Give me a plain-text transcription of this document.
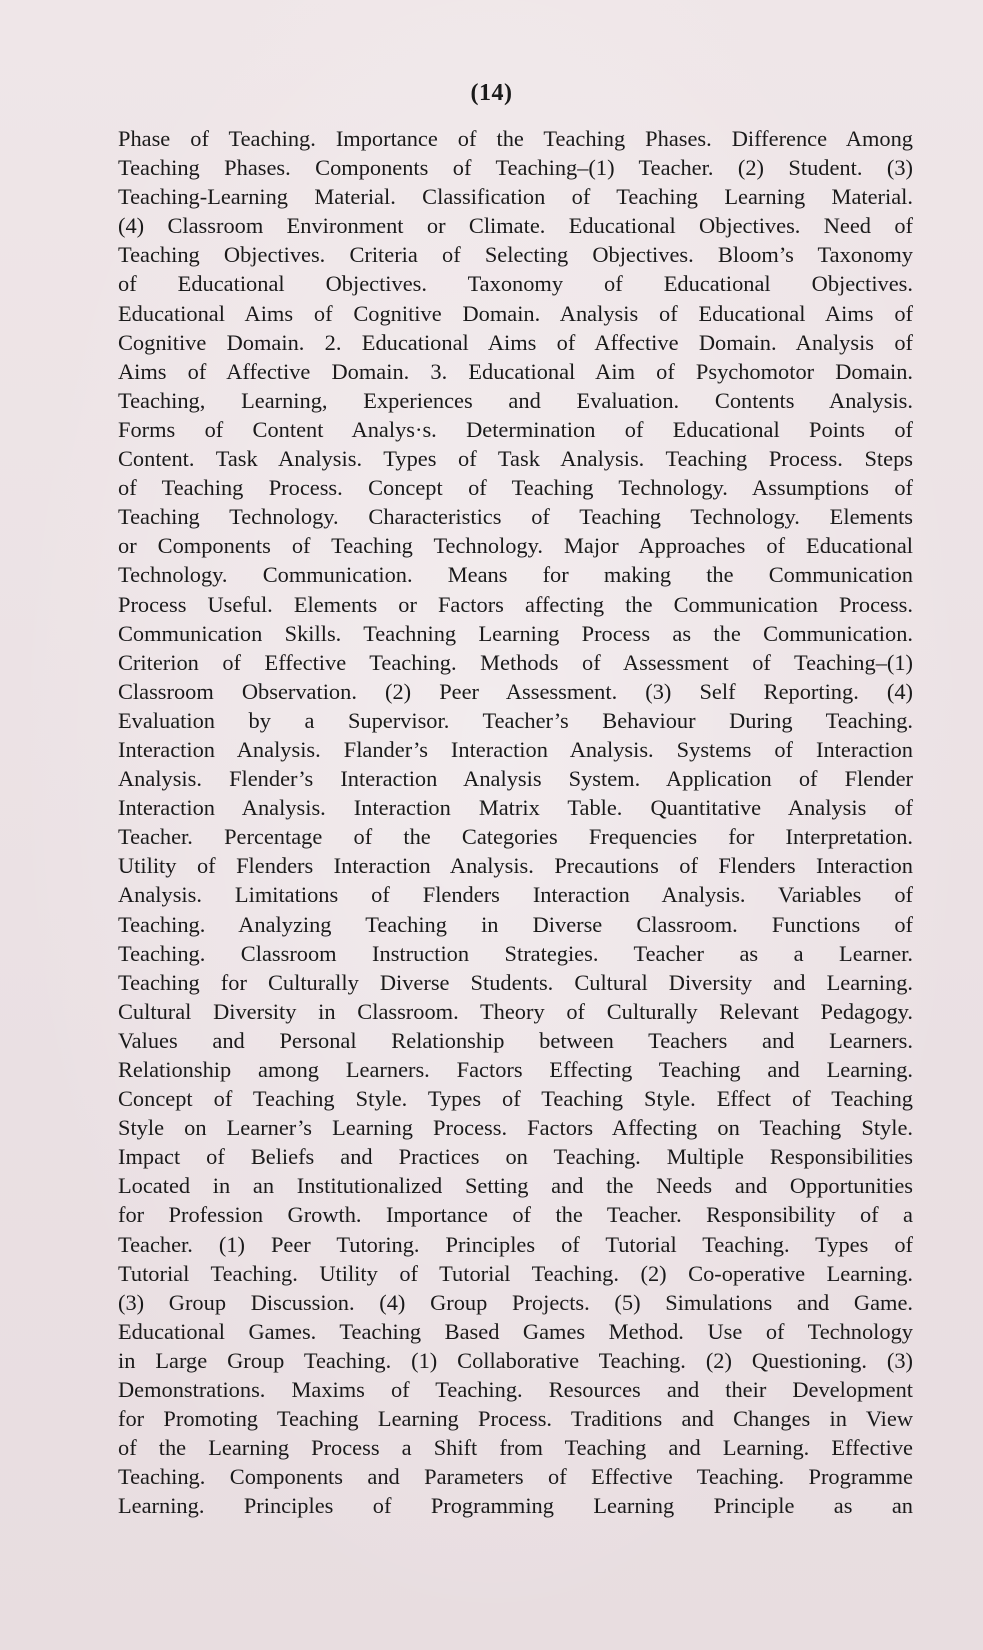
(14)
Phase of Teaching. Importance of the Teaching Phases. Difference Among
Teaching Phases. Components of Teaching–(1) Teacher. (2) Student. (3)
Teaching-Learning Material. Classification of Teaching Learning Material.
(4) Classroom Environment or Climate. Educational Objectives. Need of
Teaching Objectives. Criteria of Selecting Objectives. Bloom’s Taxonomy
of Educational Objectives. Taxonomy of Educational Objectives.
Educational Aims of Cognitive Domain. Analysis of Educational Aims of
Cognitive Domain. 2. Educational Aims of Affective Domain. Analysis of
Aims of Affective Domain. 3. Educational Aim of Psychomotor Domain.
Teaching, Learning, Experiences and Evaluation. Contents Analysis.
Forms of Content Analys·s. Determination of Educational Points of
Content. Task Analysis. Types of Task Analysis. Teaching Process. Steps
of Teaching Process. Concept of Teaching Technology. Assumptions of
Teaching Technology. Characteristics of Teaching Technology. Elements
or Components of Teaching Technology. Major Approaches of Educational
Technology. Communication. Means for making the Communication
Process Useful. Elements or Factors affecting the Communication Process.
Communication Skills. Teachning Learning Process as the Communication.
Criterion of Effective Teaching. Methods of Assessment of Teaching–(1)
Classroom Observation. (2) Peer Assessment. (3) Self Reporting. (4)
Evaluation by a Supervisor. Teacher’s Behaviour During Teaching.
Interaction Analysis. Flander’s Interaction Analysis. Systems of Interaction
Analysis. Flender’s Interaction Analysis System. Application of Flender
Interaction Analysis. Interaction Matrix Table. Quantitative Analysis of
Teacher. Percentage of the Categories Frequencies for Interpretation.
Utility of Flenders Interaction Analysis. Precautions of Flenders Interaction
Analysis. Limitations of Flenders Interaction Analysis. Variables of
Teaching. Analyzing Teaching in Diverse Classroom. Functions of
Teaching. Classroom Instruction Strategies. Teacher as a Learner.
Teaching for Culturally Diverse Students. Cultural Diversity and Learning.
Cultural Diversity in Classroom. Theory of Culturally Relevant Pedagogy.
Values and Personal Relationship between Teachers and Learners.
Relationship among Learners. Factors Effecting Teaching and Learning.
Concept of Teaching Style. Types of Teaching Style. Effect of Teaching
Style on Learner’s Learning Process. Factors Affecting on Teaching Style.
Impact of Beliefs and Practices on Teaching. Multiple Responsibilities
Located in an Institutionalized Setting and the Needs and Opportunities
for Profession Growth. Importance of the Teacher. Responsibility of a
Teacher. (1) Peer Tutoring. Principles of Tutorial Teaching. Types of
Tutorial Teaching. Utility of Tutorial Teaching. (2) Co-operative Learning.
(3) Group Discussion. (4) Group Projects. (5) Simulations and Game.
Educational Games. Teaching Based Games Method. Use of Technology
in Large Group Teaching. (1) Collaborative Teaching. (2) Questioning. (3)
Demonstrations. Maxims of Teaching. Resources and their Development
for Promoting Teaching Learning Process. Traditions and Changes in View
of the Learning Process a Shift from Teaching and Learning. Effective
Teaching. Components and Parameters of Effective Teaching. Programme
Learning. Principles of Programming Learning Principle as an
